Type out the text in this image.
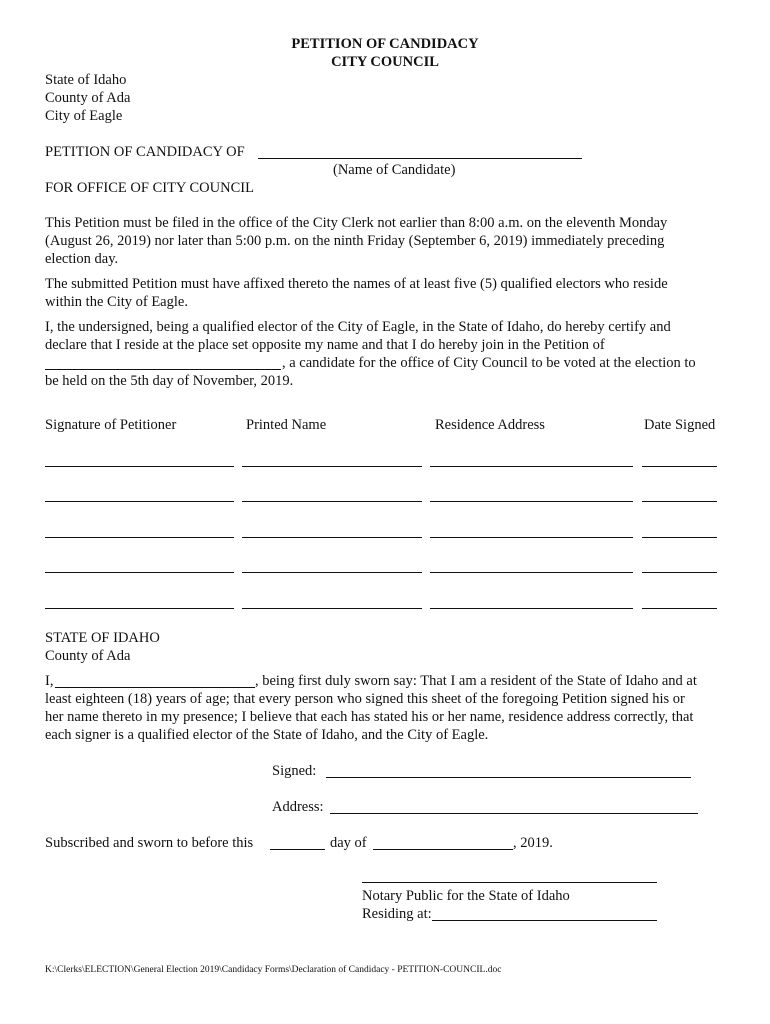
PETITION OF CANDIDACY
CITY COUNCIL
State of Idaho
County of Ada
City of Eagle
PETITION OF CANDIDACY OF
(Name of Candidate)
FOR OFFICE OF CITY COUNCIL
This Petition must be filed in the office of the City Clerk not earlier than 8:00 a.m. on the eleventh Monday
(August 26, 2019) nor later than 5:00 p.m. on the ninth Friday (September 6, 2019) immediately preceding
election day.
The submitted Petition must have affixed thereto the names of at least five (5) qualified electors who reside
within the City of Eagle.
I, the undersigned, being a qualified elector of the City of Eagle, in the State of Idaho, do hereby certify and
declare that I reside at the place set opposite my name and that I do hereby join in the Petition of
, a candidate for the office of City Council to be voted at the election to
be held on the 5th day of November, 2019.
Signature of Petitioner	Printed Name	Residence Address	Date Signed
STATE OF IDAHO
County of Ada
I,	, being first duly sworn say: That I am a resident of the State of Idaho and at
least eighteen (18) years of age; that every person who signed this sheet of the foregoing Petition signed his or
her name thereto in my presence; I believe that each has stated his or her name, residence address correctly, that
each signer is a qualified elector of the State of Idaho, and the City of Eagle.
Signed:
Address:
Subscribed and sworn to before this	day of	, 2019.
Notary Public for the State of Idaho
Residing at:
K:\Clerks\ELECTION\General Election 2019\Candidacy Forms\Declaration of Candidacy - PETITION-COUNCIL.doc
